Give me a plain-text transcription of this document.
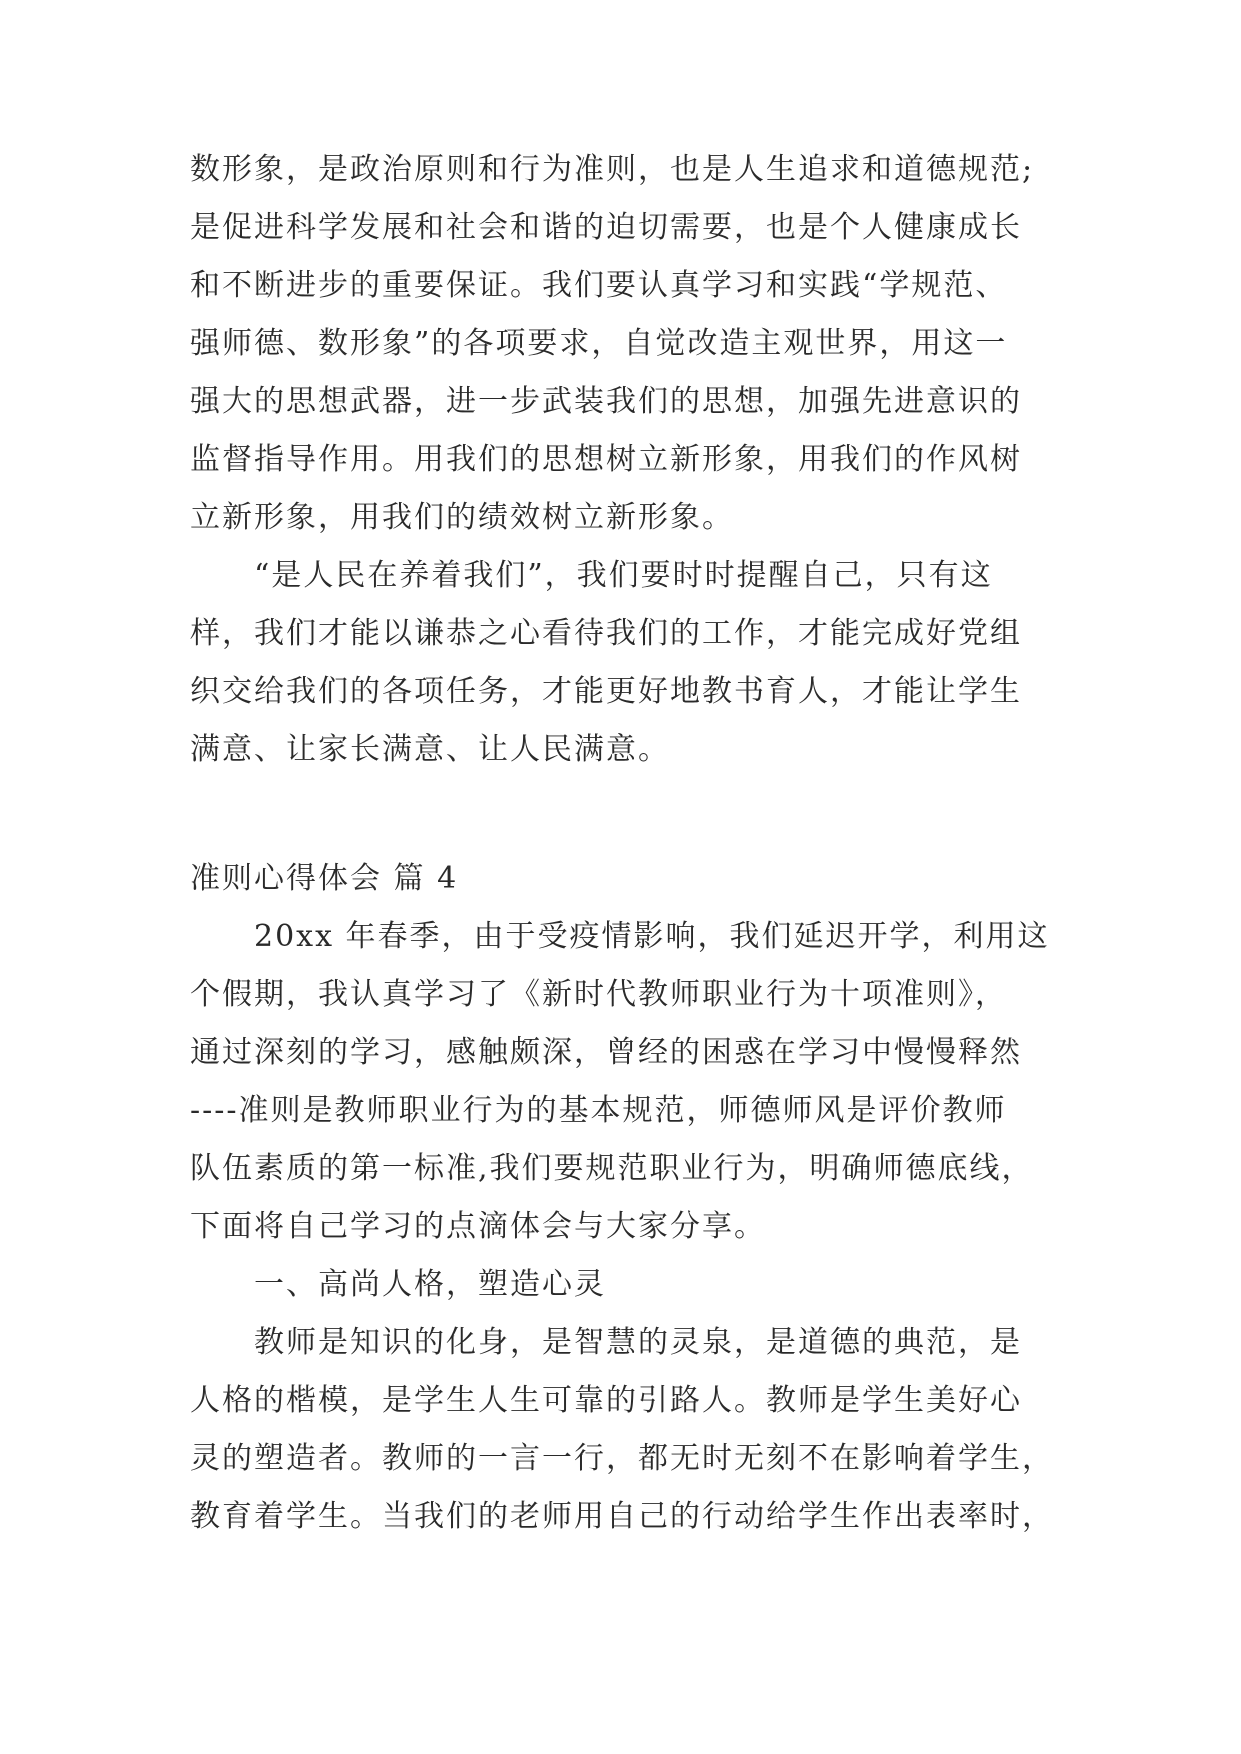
数形象，是政治原则和行为准则，也是人生追求和道德规范;
是促进科学发展和社会和谐的迫切需要，也是个人健康成长
和不断进步的重要保证。我们要认真学习和实践“学规范、
强师德、数形象”的各项要求，自觉改造主观世界，用这一
强大的思想武器，进一步武装我们的思想，加强先进意识的
监督指导作用。用我们的思想树立新形象，用我们的作风树
立新形象，用我们的绩效树立新形象。
“是人民在养着我们”，我们要时时提醒自己，只有这
样，我们才能以谦恭之心看待我们的工作，才能完成好党组
织交给我们的各项任务，才能更好地教书育人，才能让学生
满意、让家长满意、让人民满意。
准则心得体会 篇 4
20xx 年春季，由于受疫情影响，我们延迟开学，利用这
个假期，我认真学习了《新时代教师职业行为十项准则》，
通过深刻的学习，感触颇深，曾经的困惑在学习中慢慢释然
----准则是教师职业行为的基本规范，师德师风是评价教师
队伍素质的第一标准,我们要规范职业行为，明确师德底线，
下面将自己学习的点滴体会与大家分享。
一、高尚人格，塑造心灵
教师是知识的化身，是智慧的灵泉，是道德的典范，是
人格的楷模，是学生人生可靠的引路人。教师是学生美好心
灵的塑造者。教师的一言一行，都无时无刻不在影响着学生，
教育着学生。当我们的老师用自己的行动给学生作出表率时，
